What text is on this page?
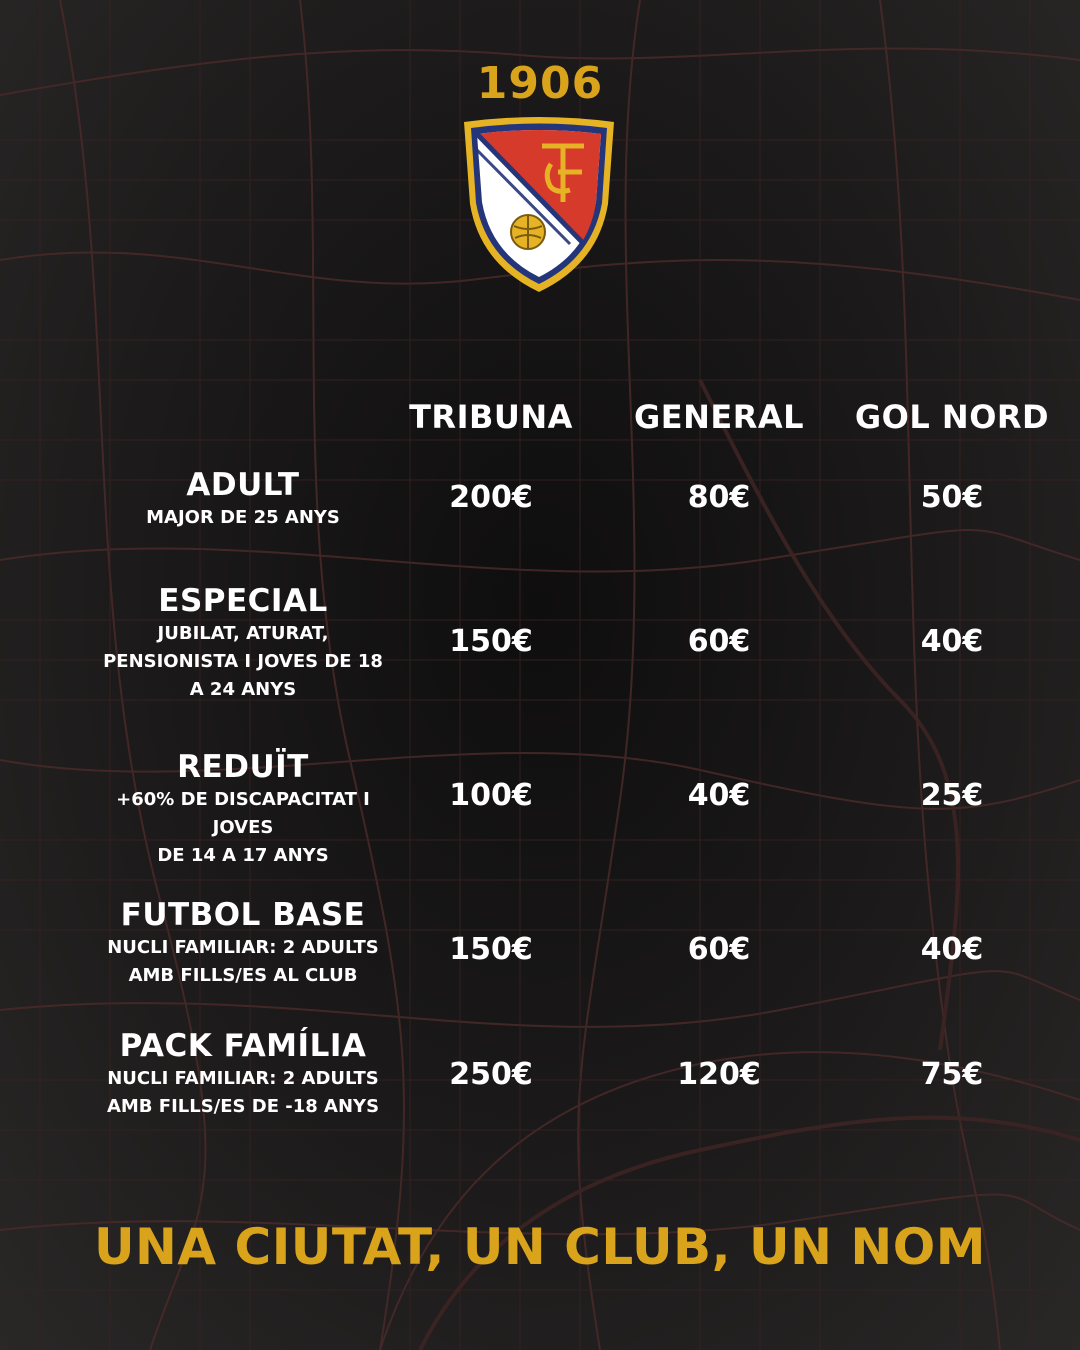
1906
TRIBUNA	GENERAL	GOL NORD
ADULT
MAJOR DE 25 ANYS
200€	80€	50€
ESPECIAL
JUBILAT, ATURAT,
PENSIONISTA I JOVES DE 18
A 24 ANYS
150€	60€	40€
REDUÏT
+60% DE DISCAPACITAT I JOVES
DE 14 A 17 ANYS
100€	40€	25€
FUTBOL BASE
NUCLI FAMILIAR: 2 ADULTS
AMB FILLS/ES AL CLUB
150€	60€	40€
PACK FAMÍLIA
NUCLI FAMILIAR: 2 ADULTS
AMB FILLS/ES DE -18 ANYS
250€	120€	75€
UNA CIUTAT, UN CLUB, UN NOM
